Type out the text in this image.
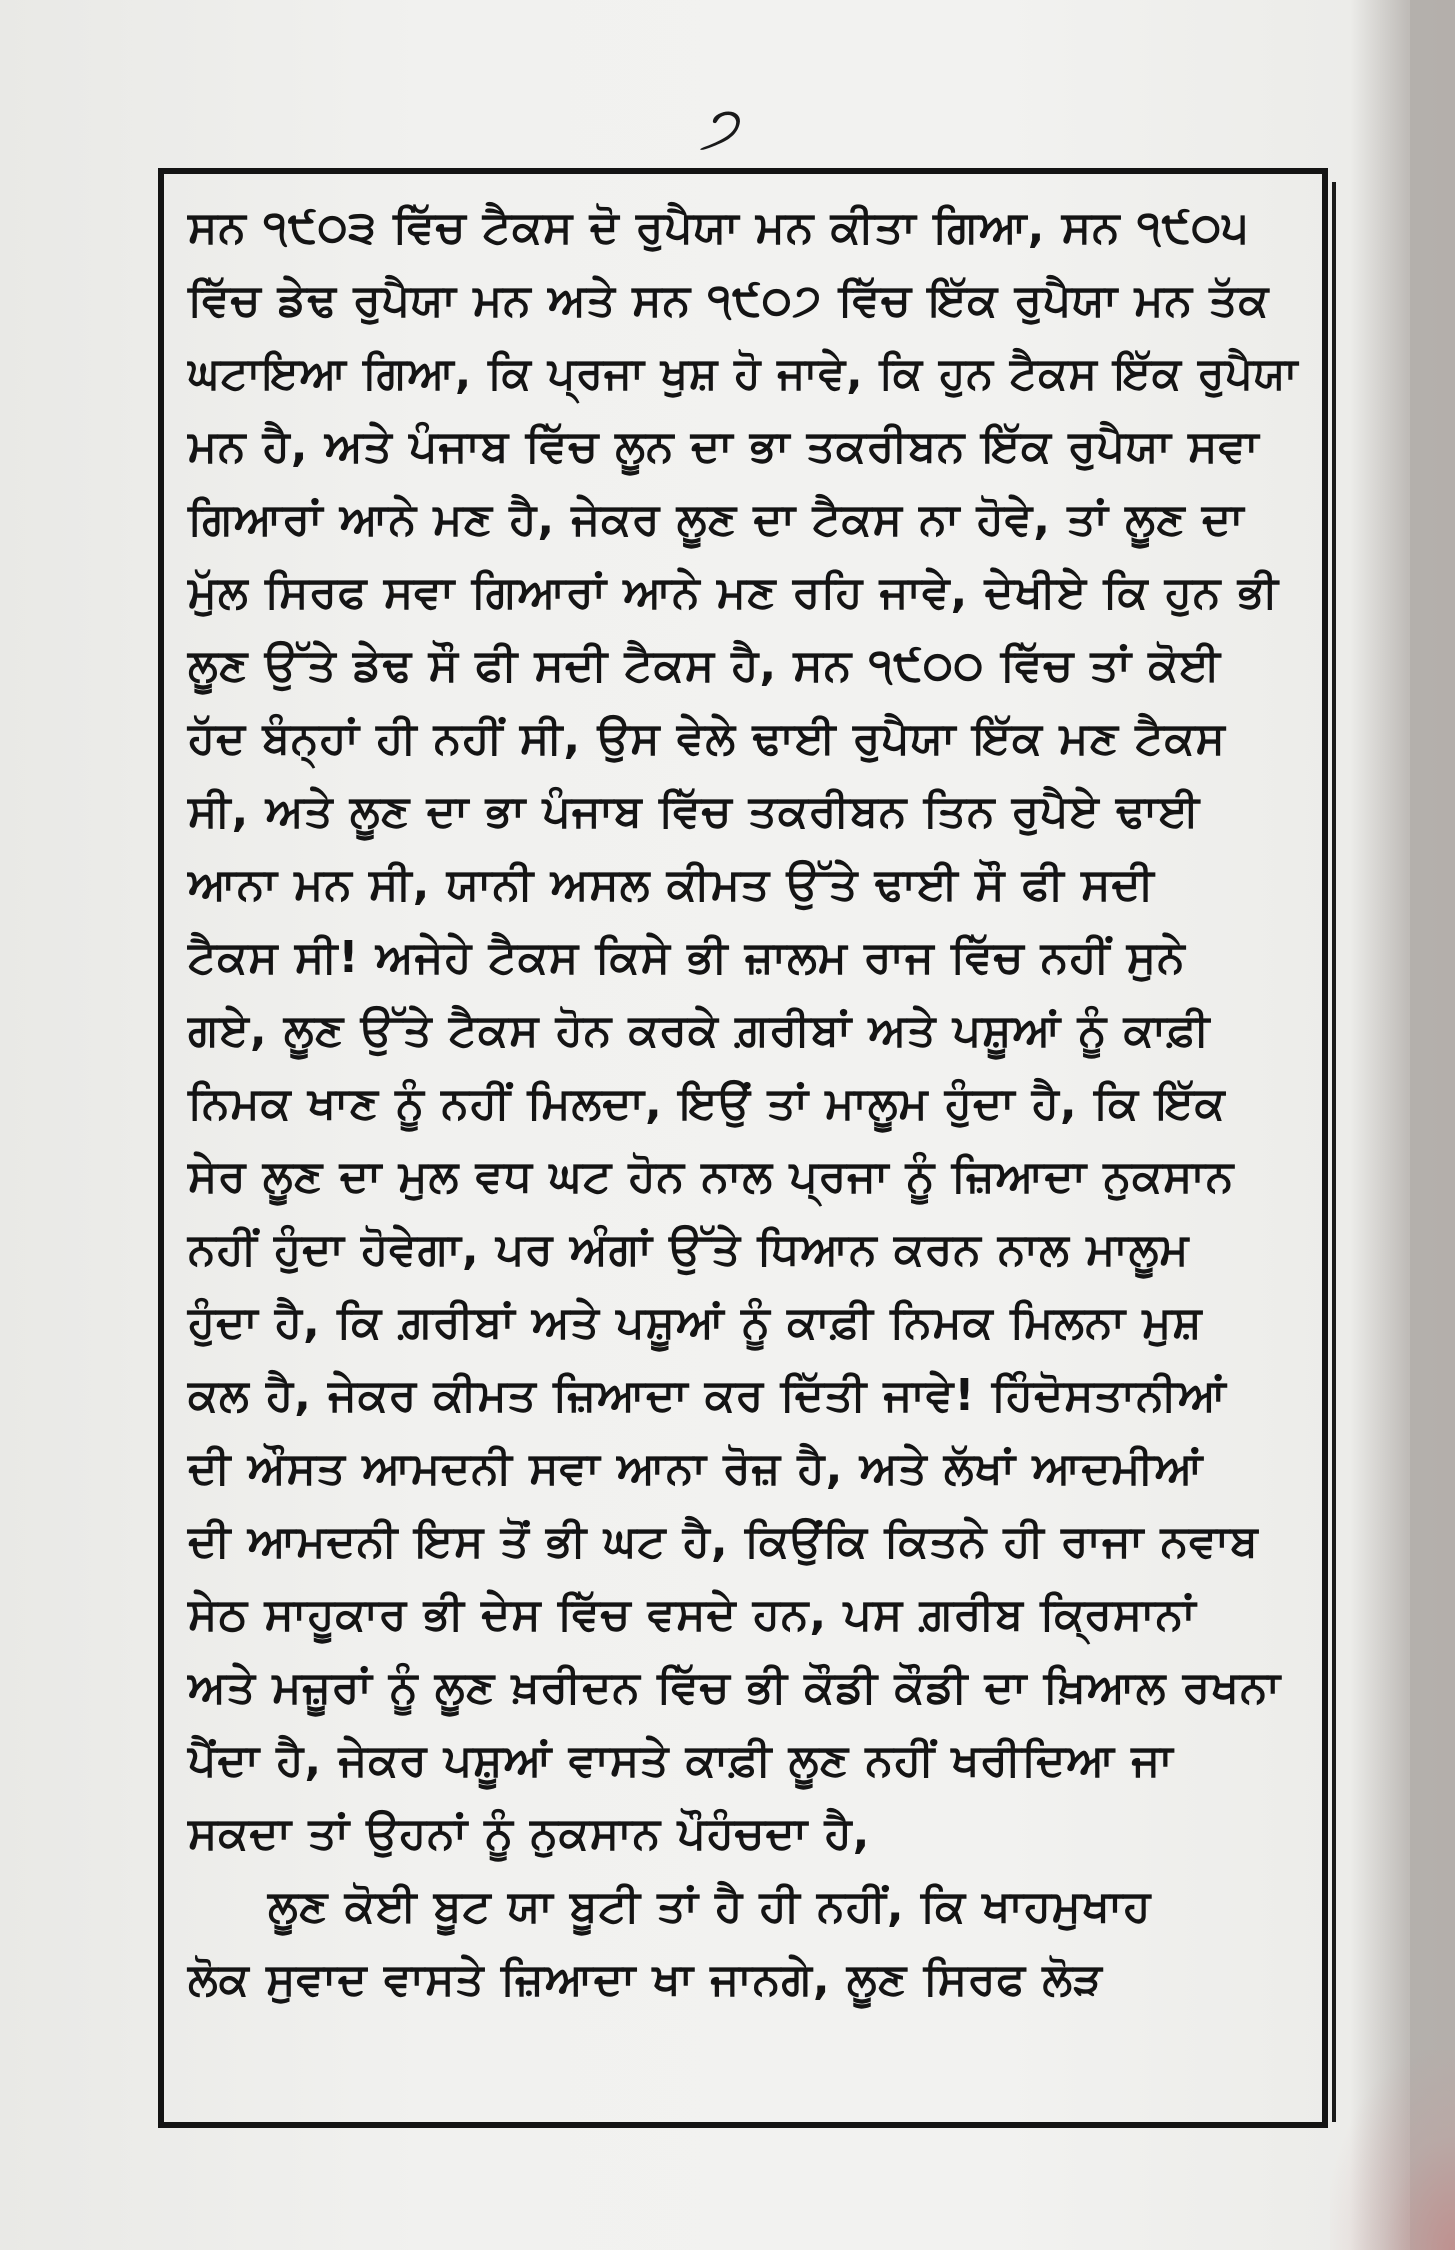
੭
ਸਨ ੧੯੦੩ ਵਿੱਚ ਟੈਕਸ ਦੋ ਰੁਪੈਯਾ ਮਨ ਕੀਤਾ ਗਿਆ, ਸਨ ੧੯੦੫
ਵਿੱਚ ਡੇਢ ਰੁਪੈਯਾ ਮਨ ਅਤੇ ਸਨ ੧੯੦੭ ਵਿੱਚ ਇੱਕ ਰੁਪੈਯਾ ਮਨ ਤੱਕ
ਘਟਾਇਆ ਗਿਆ, ਕਿ ਪ੍ਰਜਾ ਖੁਸ਼ ਹੋ ਜਾਵੇ, ਕਿ ਹੁਨ ਟੈਕਸ ਇੱਕ ਰੁਪੈਯਾ
ਮਨ ਹੈ, ਅਤੇ ਪੰਜਾਬ ਵਿੱਚ ਲੂਨ ਦਾ ਭਾ ਤਕਰੀਬਨ ਇੱਕ ਰੁਪੈਯਾ ਸਵਾ
ਗਿਆਰਾਂ ਆਨੇ ਮਣ ਹੈ, ਜੇਕਰ ਲੂਣ ਦਾ ਟੈਕਸ ਨਾ ਹੋਵੇ, ਤਾਂ ਲੂਣ ਦਾ
ਮੁੱਲ ਸਿਰਫ ਸਵਾ ਗਿਆਰਾਂ ਆਨੇ ਮਣ ਰਹਿ ਜਾਵੇ, ਦੇਖੀਏ ਕਿ ਹੁਨ ਭੀ
ਲੂਣ ਉੱਤੇ ਡੇਢ ਸੌ ਫੀ ਸਦੀ ਟੈਕਸ ਹੈ, ਸਨ ੧੯੦੦ ਵਿੱਚ ਤਾਂ ਕੋਈ
ਹੱਦ ਬੰਨ੍ਹਾਂ ਹੀ ਨਹੀਂ ਸੀ, ਉਸ ਵੇਲੇ ਢਾਈ ਰੁਪੈਯਾ ਇੱਕ ਮਣ ਟੈਕਸ
ਸੀ, ਅਤੇ ਲੂਣ ਦਾ ਭਾ ਪੰਜਾਬ ਵਿੱਚ ਤਕਰੀਬਨ ਤਿਨ ਰੁਪੈਏ ਢਾਈ
ਆਨਾ ਮਨ ਸੀ, ਯਾਨੀ ਅਸਲ ਕੀਮਤ ਉੱਤੇ ਢਾਈ ਸੌ ਫੀ ਸਦੀ
ਟੈਕਸ ਸੀ! ਅਜੇਹੇ ਟੈਕਸ ਕਿਸੇ ਭੀ ਜ਼ਾਲਮ ਰਾਜ ਵਿੱਚ ਨਹੀਂ ਸੁਨੇ
ਗਏ, ਲੂਣ ਉੱਤੇ ਟੈਕਸ ਹੋਨ ਕਰਕੇ ਗ਼ਰੀਬਾਂ ਅਤੇ ਪਸ਼ੂਆਂ ਨੂੰ ਕਾਫ਼ੀ
ਨਿਮਕ ਖਾਣ ਨੂੰ ਨਹੀਂ ਮਿਲਦਾ, ਇਉਂ ਤਾਂ ਮਾਲੂਮ ਹੁੰਦਾ ਹੈ, ਕਿ ਇੱਕ
ਸੇਰ ਲੂਣ ਦਾ ਮੁਲ ਵਧ ਘਟ ਹੋਨ ਨਾਲ ਪ੍ਰਜਾ ਨੂੰ ਜ਼ਿਆਦਾ ਨੁਕਸਾਨ
ਨਹੀਂ ਹੁੰਦਾ ਹੋਵੇਗਾ, ਪਰ ਅੰਗਾਂ ਉੱਤੇ ਧਿਆਨ ਕਰਨ ਨਾਲ ਮਾਲੂਮ
ਹੁੰਦਾ ਹੈ, ਕਿ ਗ਼ਰੀਬਾਂ ਅਤੇ ਪਸ਼ੂਆਂ ਨੂੰ ਕਾਫ਼ੀ ਨਿਮਕ ਮਿਲਨਾ ਮੁਸ਼
ਕਲ ਹੈ, ਜੇਕਰ ਕੀਮਤ ਜ਼ਿਆਦਾ ਕਰ ਦਿੱਤੀ ਜਾਵੇ! ਹਿੰਦੋਸਤਾਨੀਆਂ
ਦੀ ਔਸਤ ਆਮਦਨੀ ਸਵਾ ਆਨਾ ਰੋਜ਼ ਹੈ, ਅਤੇ ਲੱਖਾਂ ਆਦਮੀਆਂ
ਦੀ ਆਮਦਨੀ ਇਸ ਤੋਂ ਭੀ ਘਟ ਹੈ, ਕਿਉਂਕਿ ਕਿਤਨੇ ਹੀ ਰਾਜਾ ਨਵਾਬ
ਸੇਠ ਸਾਹੂਕਾਰ ਭੀ ਦੇਸ ਵਿੱਚ ਵਸਦੇ ਹਨ, ਪਸ ਗ਼ਰੀਬ ਕ੍ਰਿਸਾਨਾਂ
ਅਤੇ ਮਜ਼ੂਰਾਂ ਨੂੰ ਲੂਣ ਖ਼ਰੀਦਨ ਵਿੱਚ ਭੀ ਕੌਡੀ ਕੌਡੀ ਦਾ ਖ਼ਿਆਲ ਰਖਨਾ
ਪੈਂਦਾ ਹੈ, ਜੇਕਰ ਪਸ਼ੂਆਂ ਵਾਸਤੇ ਕਾਫ਼ੀ ਲੂਣ ਨਹੀਂ ਖਰੀਦਿਆ ਜਾ
ਸਕਦਾ ਤਾਂ ਉਹਨਾਂ ਨੂੰ ਨੁਕਸਾਨ ਪੌਹੰਚਦਾ ਹੈ,
ਲੂਣ ਕੋਈ ਬੂਟ ਯਾ ਬੂਟੀ ਤਾਂ ਹੈ ਹੀ ਨਹੀਂ, ਕਿ ਖਾਹਮੁਖਾਹ
ਲੋਕ ਸੁਵਾਦ ਵਾਸਤੇ ਜ਼ਿਆਦਾ ਖਾ ਜਾਨਗੇ, ਲੂਣ ਸਿਰਫ ਲੋੜ
